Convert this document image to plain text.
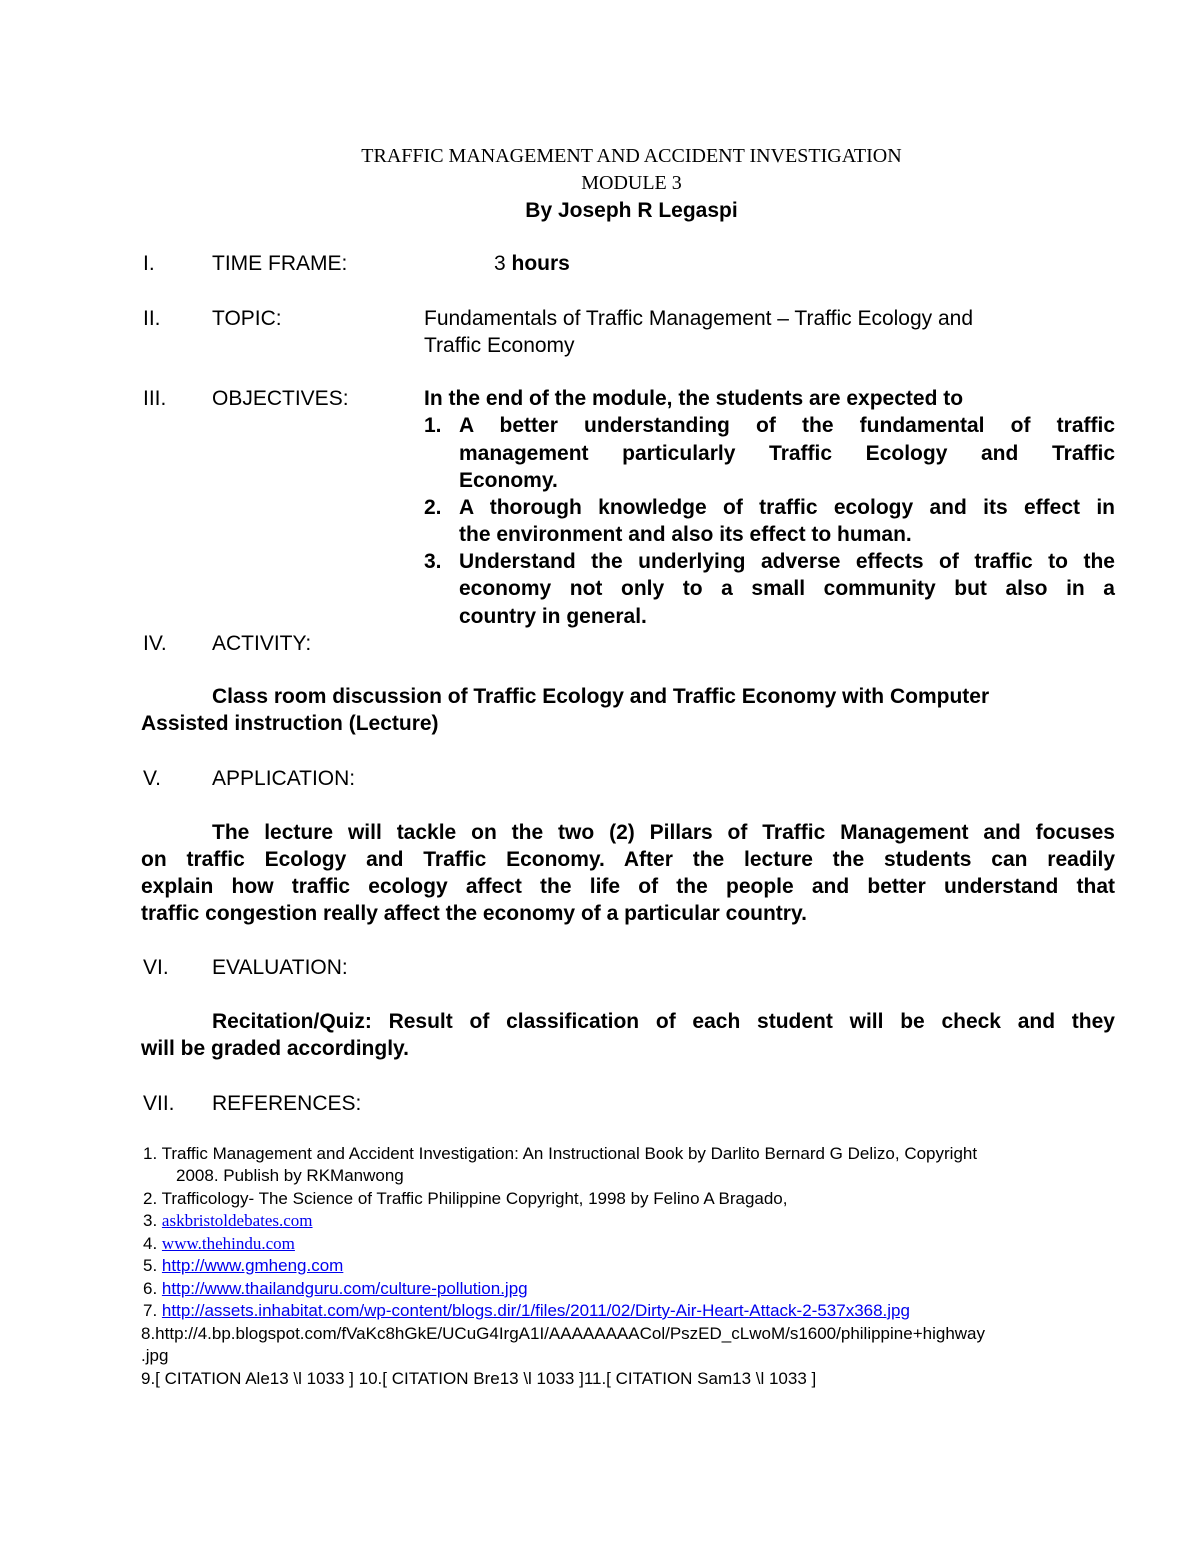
TRAFFIC MANAGEMENT AND ACCIDENT INVESTIGATION
MODULE 3
By Joseph R Legaspi
I.	TIME FRAME:	3 hours
II. TOPIC:	Fundamentals of Traffic Management – Traffic Ecology and
Traffic Economy
III. OBJECTIVES:	In the end of the module, the students are expected to
1. A better understanding of the fundamental of traffic
management particularly Traffic Ecology and Traffic
Economy.
2. A thorough knowledge of traffic ecology and its effect in
the environment and also its effect to human.
3. Understand the underlying adverse effects of traffic to the
economy not only to a small community but also in a
country in general.
IV. ACTIVITY:
Class room discussion of Traffic Ecology and Traffic Economy with Computer
Assisted instruction (Lecture)
V. APPLICATION:
The lecture will tackle on the two (2) Pillars of Traffic Management and focuses
on traffic Ecology and Traffic Economy. After the lecture the students can readily
explain how traffic ecology affect the life of the people and better understand that
traffic congestion really affect the economy of a particular country.
VI. EVALUATION:
Recitation/Quiz: Result of classification of each student will be check and they
will be graded accordingly.
VII. REFERENCES:
1. Traffic Management and Accident Investigation: An Instructional Book by Darlito Bernard G Delizo, Copyright
2008. Publish by RKManwong
2. Trafficology- The Science of Traffic Philippine Copyright, 1998 by Felino A Bragado,
3. askbristoldebates.com
4. www.thehindu.com
5. http://www.gmheng.com
6. http://www.thailandguru.com/culture-pollution.jpg
7. http://assets.inhabitat.com/wp-content/blogs.dir/1/files/2011/02/Dirty-Air-Heart-Attack-2-537x368.jpg
8.http://4.bp.blogspot.com/fVaKc8hGkE/UCuG4IrgA1I/AAAAAAAACol/PszED_cLwoM/s1600/philippine+highway
.jpg
9.[ CITATION Ale13 \l 1033 ] 10.[ CITATION Bre13 \l 1033 ]11.[ CITATION Sam13 \l 1033 ]
